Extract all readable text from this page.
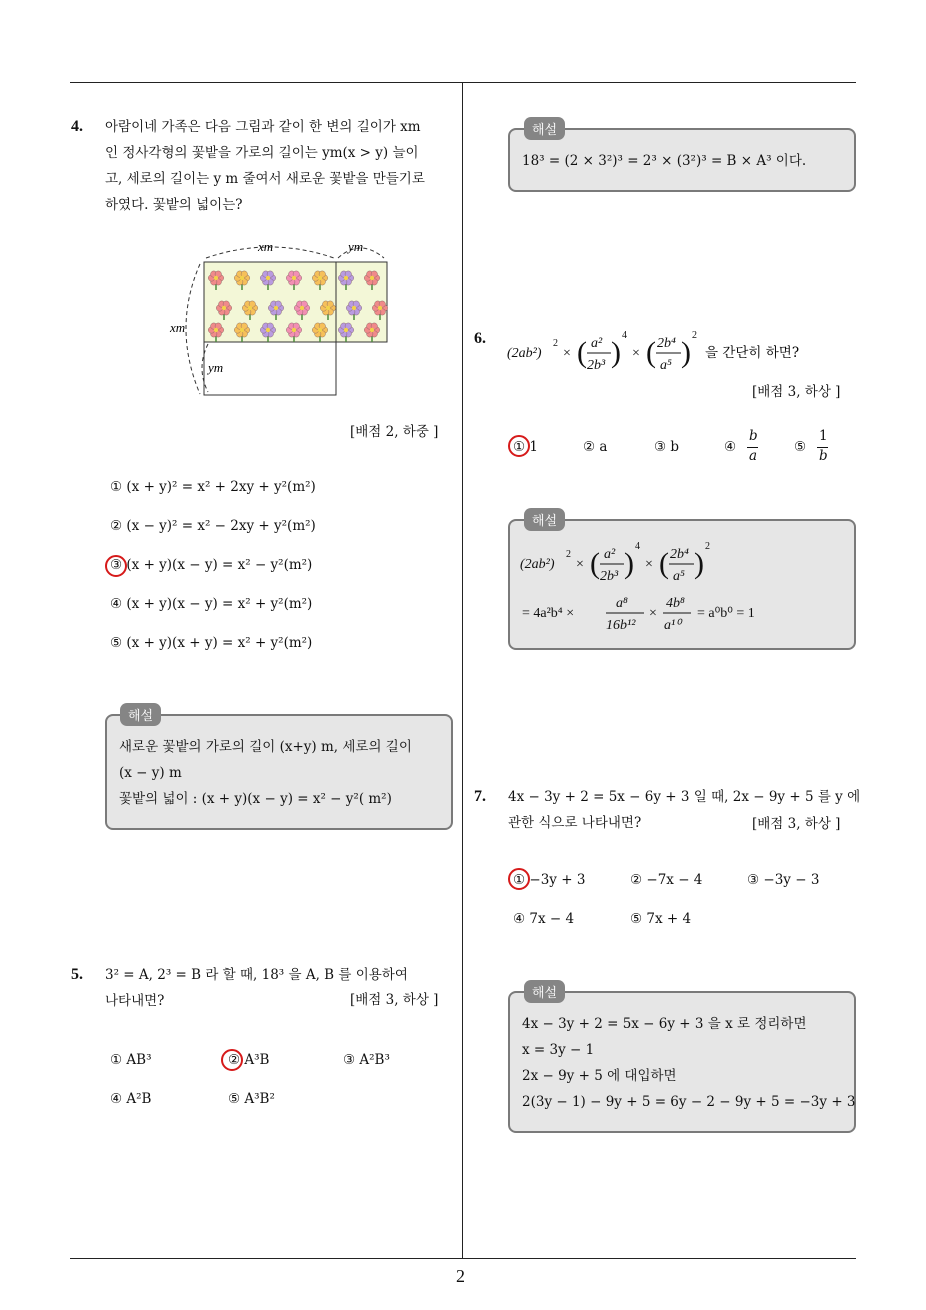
2
4. 아람이네 가족은 다음 그림과 같이 한 변의 길이가 xm
인 정사각형의 꽃밭을 가로의 길이는 ym(x > y) 늘이
고, 세로의 길이는 y m 줄여서 새로운 꽃밭을 만들기로
하였다. 꽃밭의 넓이는?
xm	ym
xm
ym
[배점 2, 하중 ]
① (x + y)² = x² + 2xy + y²(m²)
② (x − y)² = x² − 2xy + y²(m²)
③ (x + y)(x − y) = x² − y²(m²)
④ (x + y)(x − y) = x² + y²(m²)
⑤ (x + y)(x + y) = x² + y²(m²)
새로운 꽃밭의 가로의 길이 (x+y) m, 세로의 길이
(x − y) m
꽃밭의 넓이 : (x + y)(x − y) = x² − y²( m²)
해설
5. 3² = A, 2³ = B 라 할 때, 18³ 을 A, B 를 이용하여
나타내면?	[배점 3, 하상 ]
① AB³	② A³B	③ A²B³
④ A²B	⑤ A³B²
18³ = (2 × 3²)³ = 2³ × (3²)³ = B × A³ 이다.
해설
6.
(2ab²)
2
× ( a²
2b³ )
4
× ( 2b⁴
a⁵ )
2
을 간단히 하면?
[배점 3, 하상 ]
① 1	② a	③ b	④
b
a
⑤
1
b
(2ab²)
2
× ( a²
2b³ )
4
× ( 2b⁴
a⁵ )
2
= 4a²b⁴ ×
a⁸
16b¹²
×
4b⁸
a¹⁰
= a⁰b⁰ = 1
해설
7. 4x − 3y + 2 = 5x − 6y + 3 일 때, 2x − 9y + 5 를 y 에
관한 식으로 나타내면?	[배점 3, 하상 ]
① −3y + 3	② −7x − 4	③ −3y − 3
④ 7x − 4	⑤ 7x + 4
4x − 3y + 2 = 5x − 6y + 3 을 x 로 정리하면
x = 3y − 1
2x − 9y + 5 에 대입하면
2(3y − 1) − 9y + 5 = 6y − 2 − 9y + 5 = −3y + 3
해설
